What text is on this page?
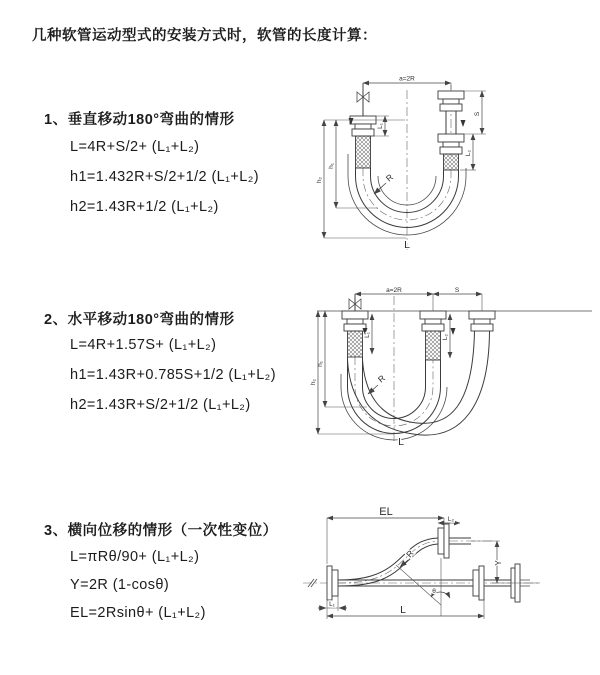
几种软管运动型式的安装方式时，软管的长度计算：
1、垂直移动180°弯曲的情形
L=4R+S/2+ (L₁+L₂)
h1=1.432R+S/2+1/2 (L₁+L₂)
h2=1.43R+1/2 (L₁+L₂)
2、水平移动180°弯曲的情形
L=4R+1.57S+ (L₁+L₂)
h1=1.43R+0.785S+1/2 (L₁+L₂)
h2=1.43R+S/2+1/2 (L₁+L₂)
3、横向位移的情形（一次性变位）
L=πRθ/90+ (L₁+L₂)
Y=2R (1-cosθ)
EL=2Rsinθ+ (L₁+L₂)
a=2R
L₁
S
L₂
h₁
h₂	R
L
a=2R	S
L₁	L₂
h₁
h₂	R
L
θ
R
EL
L₂
Y
L
L₁
